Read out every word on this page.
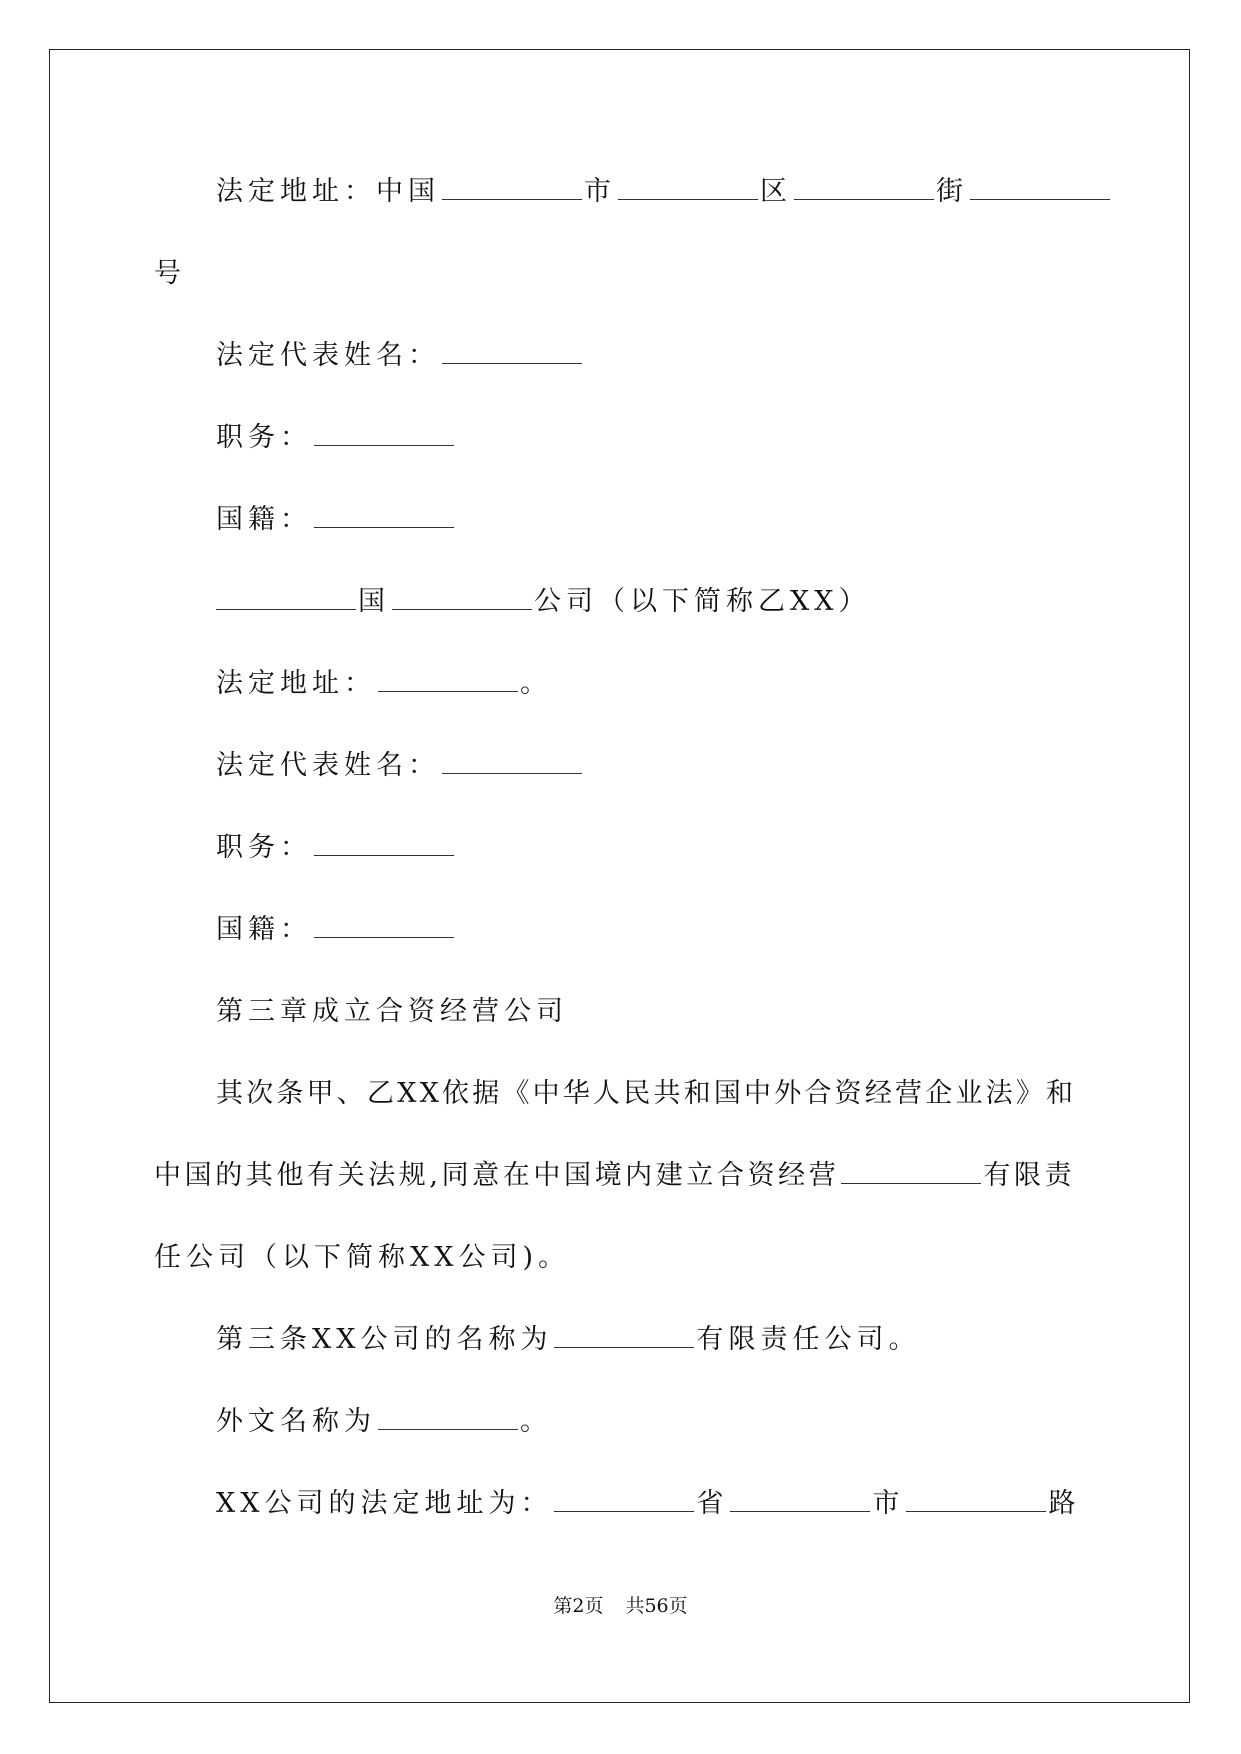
法定地址：中国	市	区	街
号
法定代表姓名：
职务：
国籍：
国	公司（以下简称乙XX）
法定地址：	。
法定代表姓名：
职务：
国籍：
第三章成立合资经营公司
其次条甲、乙XX依据《中华人民共和国中外合资经营企业法》和
中国的其他有关法规,同意在中国境内建立合资经营	有限责
任公司（以下简称XX公司)。
第三条XX公司的名称为	有限责任公司。
外文名称为	。
XX公司的法定地址为：	省	市	路
第2页 共56页
